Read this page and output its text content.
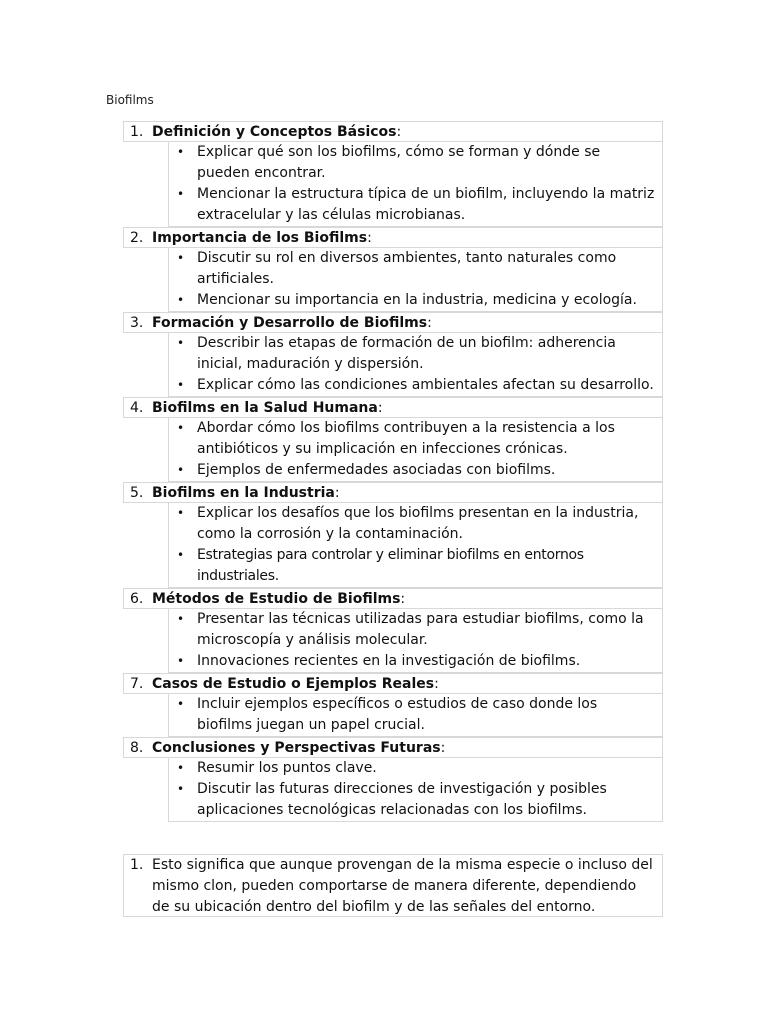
Biofilms
1. Definición y Conceptos Básicos:
• Explicar qué son los biofilms, cómo se forman y dónde se pueden encontrar.
• Mencionar la estructura típica de un biofilm, incluyendo la matriz extracelular y las células microbianas.
2. Importancia de los Biofilms:
• Discutir su rol en diversos ambientes, tanto naturales como artificiales.
• Mencionar su importancia en la industria, medicina y ecología.
3. Formación y Desarrollo de Biofilms:
• Describir las etapas de formación de un biofilm: adherencia inicial, maduración y dispersión.
• Explicar cómo las condiciones ambientales afectan su desarrollo.
4. Biofilms en la Salud Humana:
• Abordar cómo los biofilms contribuyen a la resistencia a los antibióticos y su implicación en infecciones crónicas.
• Ejemplos de enfermedades asociadas con biofilms.
5. Biofilms en la Industria:
• Explicar los desafíos que los biofilms presentan en la industria, como la corrosión y la contaminación.
• Estrategias para controlar y eliminar biofilms en entornos industriales.
6. Métodos de Estudio de Biofilms:
• Presentar las técnicas utilizadas para estudiar biofilms, como la microscopía y análisis molecular.
• Innovaciones recientes en la investigación de biofilms.
7. Casos de Estudio o Ejemplos Reales:
• Incluir ejemplos específicos o estudios de caso donde los biofilms juegan un papel crucial.
8. Conclusiones y Perspectivas Futuras:
• Resumir los puntos clave.
• Discutir las futuras direcciones de investigación y posibles aplicaciones tecnológicas relacionadas con los biofilms.
1. Esto significa que aunque provengan de la misma especie o incluso del mismo clon, pueden comportarse de manera diferente, dependiendo de su ubicación dentro del biofilm y de las señales del entorno.
